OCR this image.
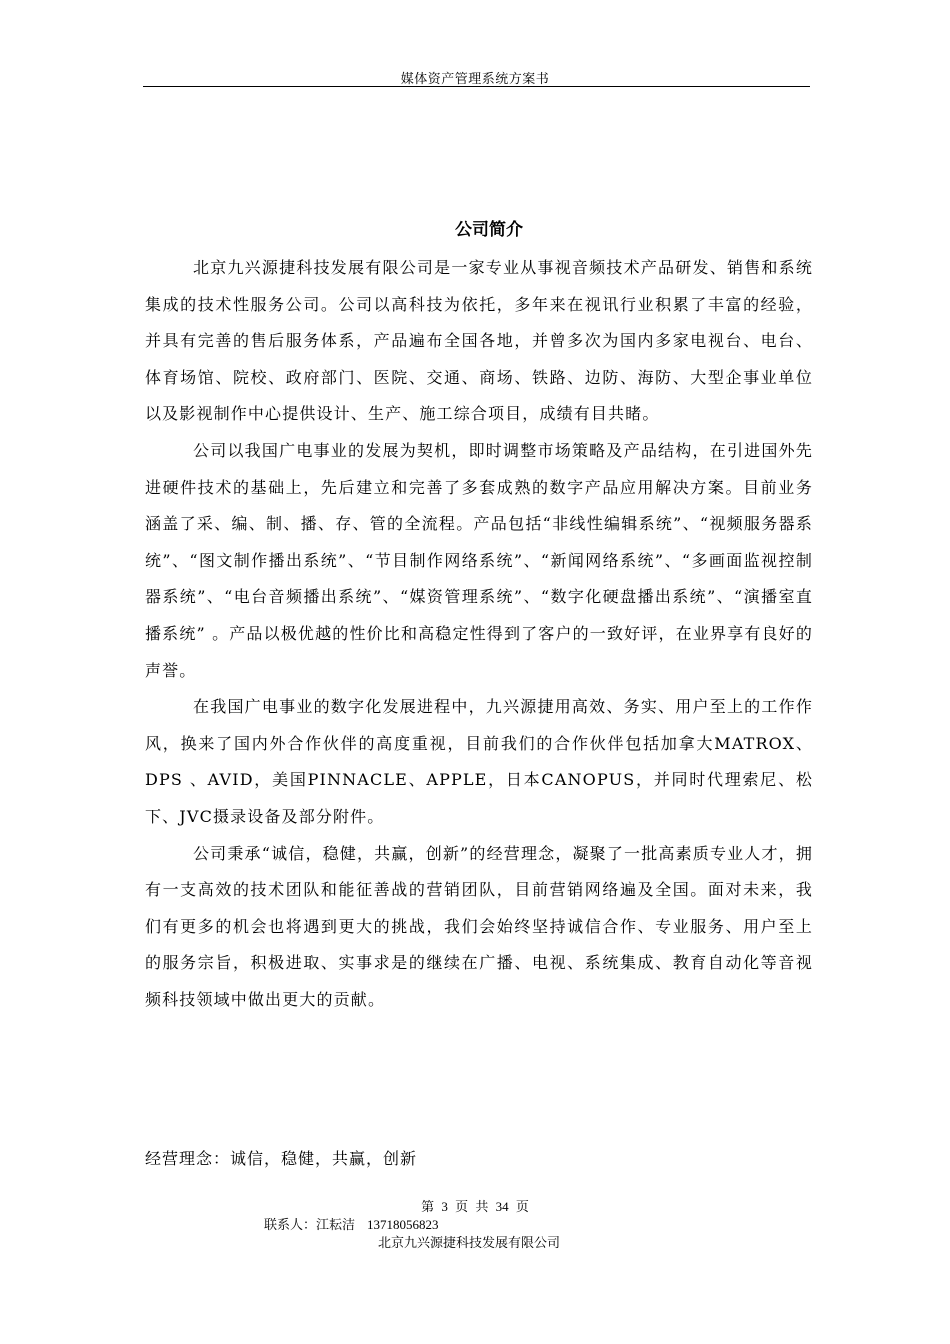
媒体资产管理系统方案书
公司简介

北京九兴源捷科技发展有限公司是一家专业从事视音频技术产品研发、销售和系统集成的技术性服务公司。公司以高科技为依托，多年来在视讯行业积累了丰富的经验，并具有完善的售后服务体系，产品遍布全国各地，并曾多次为国内多家电视台、电台、体育场馆、院校、政府部门、医院、交通、商场、铁路、边防、海防、大型企事业单位以及影视制作中心提供设计、生产、施工综合项目，成绩有目共睹。

公司以我国广电事业的发展为契机，即时调整市场策略及产品结构，在引进国外先进硬件技术的基础上，先后建立和完善了多套成熟的数字产品应用解决方案。目前业务涵盖了采、编、制、播、存、管的全流程。产品包括“非线性编辑系统”、“视频服务器系统”、“图文制作播出系统”、“节目制作网络系统”、“新闻网络系统”、“多画面监视控制器系统”、“电台音频播出系统”、“媒资管理系统”、“数字化硬盘播出系统”、“演播室直播系统” 。产品以极优越的性价比和高稳定性得到了客户的一致好评，在业界享有良好的声誉。

在我国广电事业的数字化发展进程中，九兴源捷用高效、务实、用户至上的工作作风，换来了国内外合作伙伴的高度重视，目前我们的合作伙伴包括加拿大MATROX、DPS 、AVID，美国PINNACLE、APPLE，日本CANOPUS，并同时代理索尼、松下、JVC摄录设备及部分附件。

公司秉承“诚信，稳健，共赢，创新”的经营理念，凝聚了一批高素质专业人才，拥有一支高效的技术团队和能征善战的营销团队，目前营销网络遍及全国。面对未来，我们有更多的机会也将遇到更大的挑战，我们会始终坚持诚信合作、专业服务、用户至上的服务宗旨，积极进取、实事求是的继续在广播、电视、系统集成、教育自动化等音视频科技领域中做出更大的贡献。

经营理念：诚信，稳健，共赢，创新
第 3 页 共 34 页
联系人：江耘洁 13718056823
北京九兴源捷科技发展有限公司
